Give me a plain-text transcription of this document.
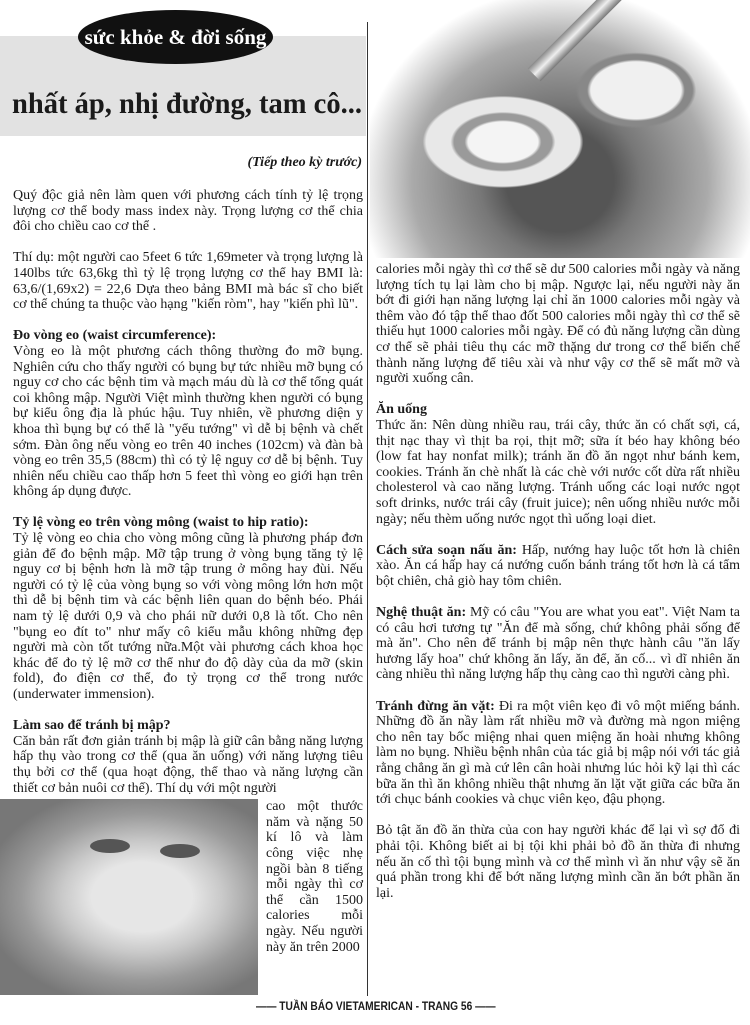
sức khỏe & đời sống
nhất áp, nhị đường, tam cô...
(Tiếp theo kỳ trước)

Quý độc giả nên làm quen với phương cách tính tỷ lệ trọng lượng cơ thể body mass index này. Trọng lượng cơ thể chia đôi cho chiều cao cơ thể .

Thí dụ: một người cao 5feet 6 tức 1,69meter và trọng lượng là 140lbs tức 63,6kg thì tỷ lệ trọng lượng cơ thể hay BMI là: 63,6/(1,69x2) = 22,6 Dựa theo bảng BMI mà bác sĩ cho biết cơ thể chúng ta thuộc vào hạng "kiến ròm", hay "kiến phì lũ".

Đo vòng eo (waist circumference):

Vòng eo là một phương cách thông thường đo mỡ bụng. Nghiên cứu cho thấy người có bụng bự tức nhiều mỡ bụng có nguy cơ cho các bệnh tim và mạch máu dù là cơ thể tổng quát coi không mập. Người Việt mình thường khen người có bụng bự kiểu ông địa là phúc hậu. Tuy nhiên, về phương diện y khoa thì bụng bự có thể là "yểu tướng" vì dễ bị bệnh và chết sớm. Đàn ông nếu vòng eo trên 40 inches (102cm) và đàn bà vòng eo trên 35,5 (88cm) thì có tỷ lệ nguy cơ dễ bị bệnh. Tuy nhiên nếu chiều cao thấp hơn 5 feet thì vòng eo giới hạn trên không áp dụng được.

Tỷ lệ vòng eo trên vòng mông (waist to hip ratio):

Tỷ lệ vòng eo chia cho vòng mông cũng là phương pháp đơn giản để đo bệnh mập. Mỡ tập trung ở vòng bụng tăng tỷ lệ nguy cơ bị bệnh hơn là mỡ tập trung ở mông hay đùi. Nếu người có tỷ lệ của vòng bụng so với vòng mông lớn hơn một thì dễ bị bệnh tim và các bệnh liên quan do bệnh béo. Phái nam tỷ lệ dưới 0,9 và cho phái nữ dưới 0,8 là tốt. Cho nên "bụng eo đít to" như mấy cô kiểu mẫu không những đẹp người mà còn tốt tướng nữa.Một vài phương cách khoa học khác để đo tỷ lệ mỡ cơ thể như đo độ dày của da mỡ (skin fold), đo điện cơ thể, đo tỷ trọng cơ thể trong nước (underwater immension).

Làm sao để tránh bị mập?

Căn bản rất đơn giản tránh bị mập là giữ cân bằng năng lượng hấp thụ vào trong cơ thể (qua ăn uống) với năng lượng tiêu thụ bởi cơ thể (qua hoạt động, thể thao và năng lượng cần thiết cơ bản nuôi cơ thể). Thí dụ với một người

cao một thước năm và nặng 50 kí lô và làm công việc nhẹ ngồi bàn 8 tiếng mỗi ngày thì cơ thể cần 1500 calories mỗi ngày. Nếu người này ăn trên 2000

calories mỗi ngày thì cơ thể sẽ dư 500 calories mỗi ngày và năng lượng tích tụ lại làm cho bị mập. Ngược lại, nếu người này ăn bớt đi giới hạn năng lượng lại chỉ ăn 1000 calories mỗi ngày và thêm vào đó tập thể thao đốt 500 calories mỗi ngày thì cơ thể sẽ thiếu hụt 1000 calories mỗi ngày. Để có đủ năng lượng cần dùng cơ thể sẽ phải tiêu thụ các mỡ thặng dư trong cơ thể biến chế thành năng lượng để tiêu xài và như vậy cơ thể sẽ mất mỡ và người xuống cân.

Ăn uống

Thức ăn: Nên dùng nhiều rau, trái cây, thức ăn có chất sợi, cá, thịt nạc thay vì thịt ba rọi, thịt mỡ; sữa ít béo hay không béo (low fat hay nonfat milk); tránh ăn đồ ăn ngọt như bánh kem, cookies. Tránh ăn chè nhất là các chè với nước cốt dừa rất nhiều cholesterol và cao năng lượng. Tránh uống các loại nước ngọt soft drinks, nước trái cây (fruit juice); nên uống nhiều nước mỗi ngày; nếu thèm uống nước ngọt thì uống loại diet.

Cách sửa soạn nấu ăn: Hấp, nướng hay luộc tốt hơn là chiên xào. Ăn cá hấp hay cá nướng cuốn bánh tráng tốt hơn là cá tẩm bột chiên, chả giò hay tôm chiên.

Nghệ thuật ăn: Mỹ có câu "You are what you eat". Việt Nam ta có câu hơi tương tự "Ăn để mà sống, chứ không phải sống để mà ăn". Cho nên để tránh bị mập nên thực hành câu "ăn lấy hương lấy hoa" chứ không ăn lấy, ăn để, ăn cố... vì dĩ nhiên ăn càng nhiều thì năng lượng hấp thụ càng cao thì người càng phì.

Tránh đừng ăn vặt: Đi ra một viên kẹo đi vô một miếng bánh. Những đồ ăn nầy làm rất nhiều mỡ và đường mà ngon miệng cho nên tay bốc miệng nhai quen miệng ăn hoài nhưng không làm no bụng. Nhiều bệnh nhân của tác giả bị mập nói với tác giả rằng chẳng ăn gì mà cứ lên cân hoài nhưng lúc hỏi kỹ lại thì các bữa ăn thì ăn không nhiều thật nhưng ăn lặt vặt giữa các bữa ăn tới chục bánh cookies và chục viên kẹo, đậu phọng.

Bỏ tật ăn đồ ăn thừa của con hay người khác để lại vì sợ đổ đi phải tội. Không biết ai bị tội khi phải bỏ đồ ăn thừa đi nhưng nếu ăn cố thì tội bụng mình và cơ thể mình vì ăn như vậy sẽ ăn quá phần trong khi để bớt năng lượng mình cần ăn bớt phần ăn lại.

—— TUẦN BÁO VIETAMERICAN - TRANG 56 ——
